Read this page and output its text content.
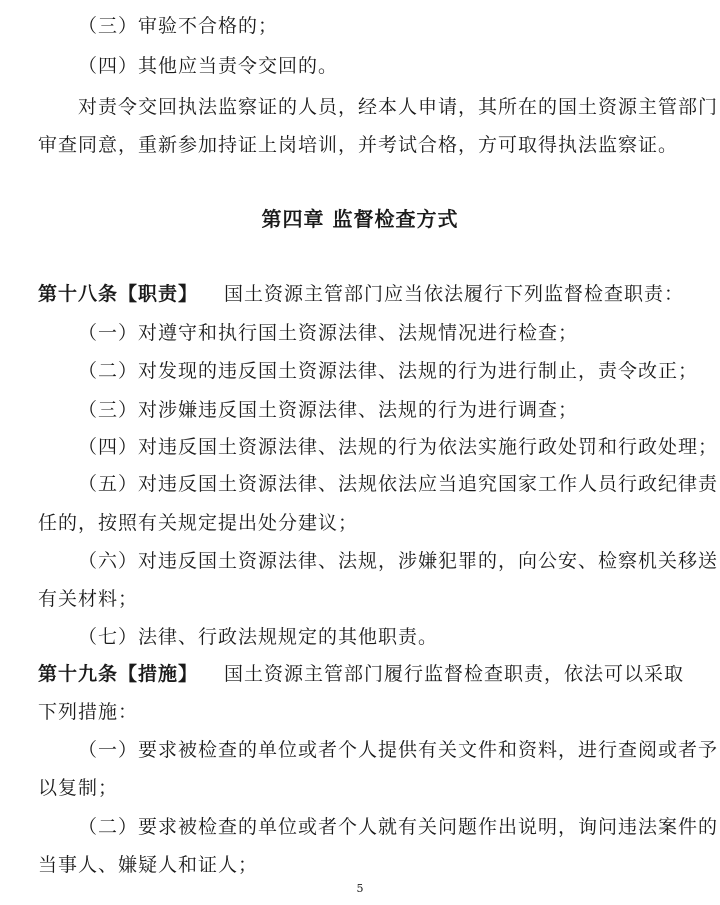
（三）审验不合格的；
（四）其他应当责令交回的。
对责令交回执法监察证的人员，经本人申请，其所在的国土资源主管部门
审查同意，重新参加持证上岗培训，并考试合格，方可取得执法监察证。
第四章 监督检查方式
第十八条【职责】 国土资源主管部门应当依法履行下列监督检查职责：
（一）对遵守和执行国土资源法律、法规情况进行检查；
（二）对发现的违反国土资源法律、法规的行为进行制止，责令改正；
（三）对涉嫌违反国土资源法律、法规的行为进行调查；
（四）对违反国土资源法律、法规的行为依法实施行政处罚和行政处理；
（五）对违反国土资源法律、法规依法应当追究国家工作人员行政纪律责
任的，按照有关规定提出处分建议；
（六）对违反国土资源法律、法规，涉嫌犯罪的，向公安、检察机关移送
有关材料；
（七）法律、行政法规规定的其他职责。
第十九条【措施】 国土资源主管部门履行监督检查职责，依法可以采取
下列措施：
（一）要求被检查的单位或者个人提供有关文件和资料，进行查阅或者予
以复制；
（二）要求被检查的单位或者个人就有关问题作出说明，询问违法案件的
当事人、嫌疑人和证人；
5
